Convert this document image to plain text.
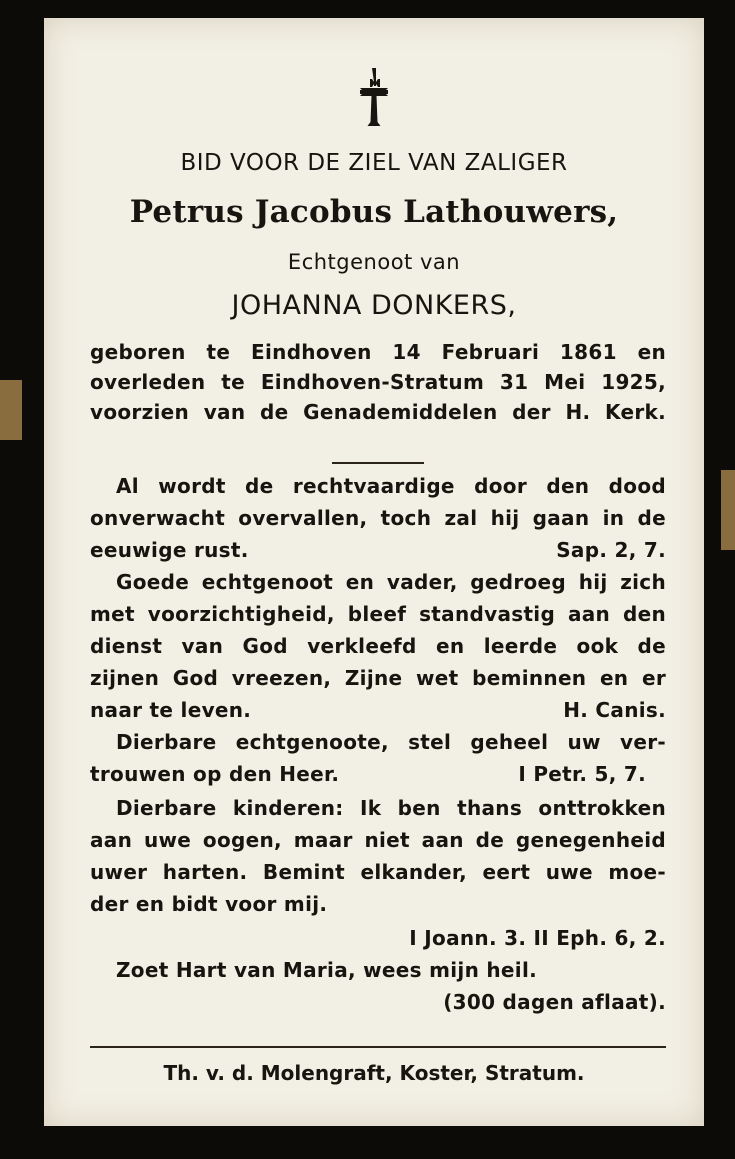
BID VOOR DE ZIEL VAN ZALIGER
Petrus Jacobus Lathouwers,
Echtgenoot van
JOHANNA DONKERS,
geboren te Eindhoven 14 Februari 1861 en
overleden te Eindhoven-Stratum 31 Mei 1925,
voorzien van de Genademiddelen der H. Kerk.
Al wordt de rechtvaardige door den dood
onverwacht overvallen, toch zal hij gaan in de
eeuwige rust.	Sap. 2, 7.
Goede echtgenoot en vader, gedroeg hij zich
met voorzichtigheid, bleef standvastig aan den
dienst van God verkleefd en leerde ook de
zijnen God vreezen, Zijne wet beminnen en er
naar te leven.	H. Canis.
Dierbare echtgenoote, stel geheel uw ver-
trouwen op den Heer.	I Petr. 5, 7.
Dierbare kinderen: Ik ben thans onttrokken
aan uwe oogen, maar niet aan de genegenheid
uwer harten. Bemint elkander, eert uwe moe-
der en bidt voor mij.
I Joann. 3. II Eph. 6, 2.
Zoet Hart van Maria, wees mijn heil.
(300 dagen aflaat).
Th. v. d. Molengraft, Koster, Stratum.
